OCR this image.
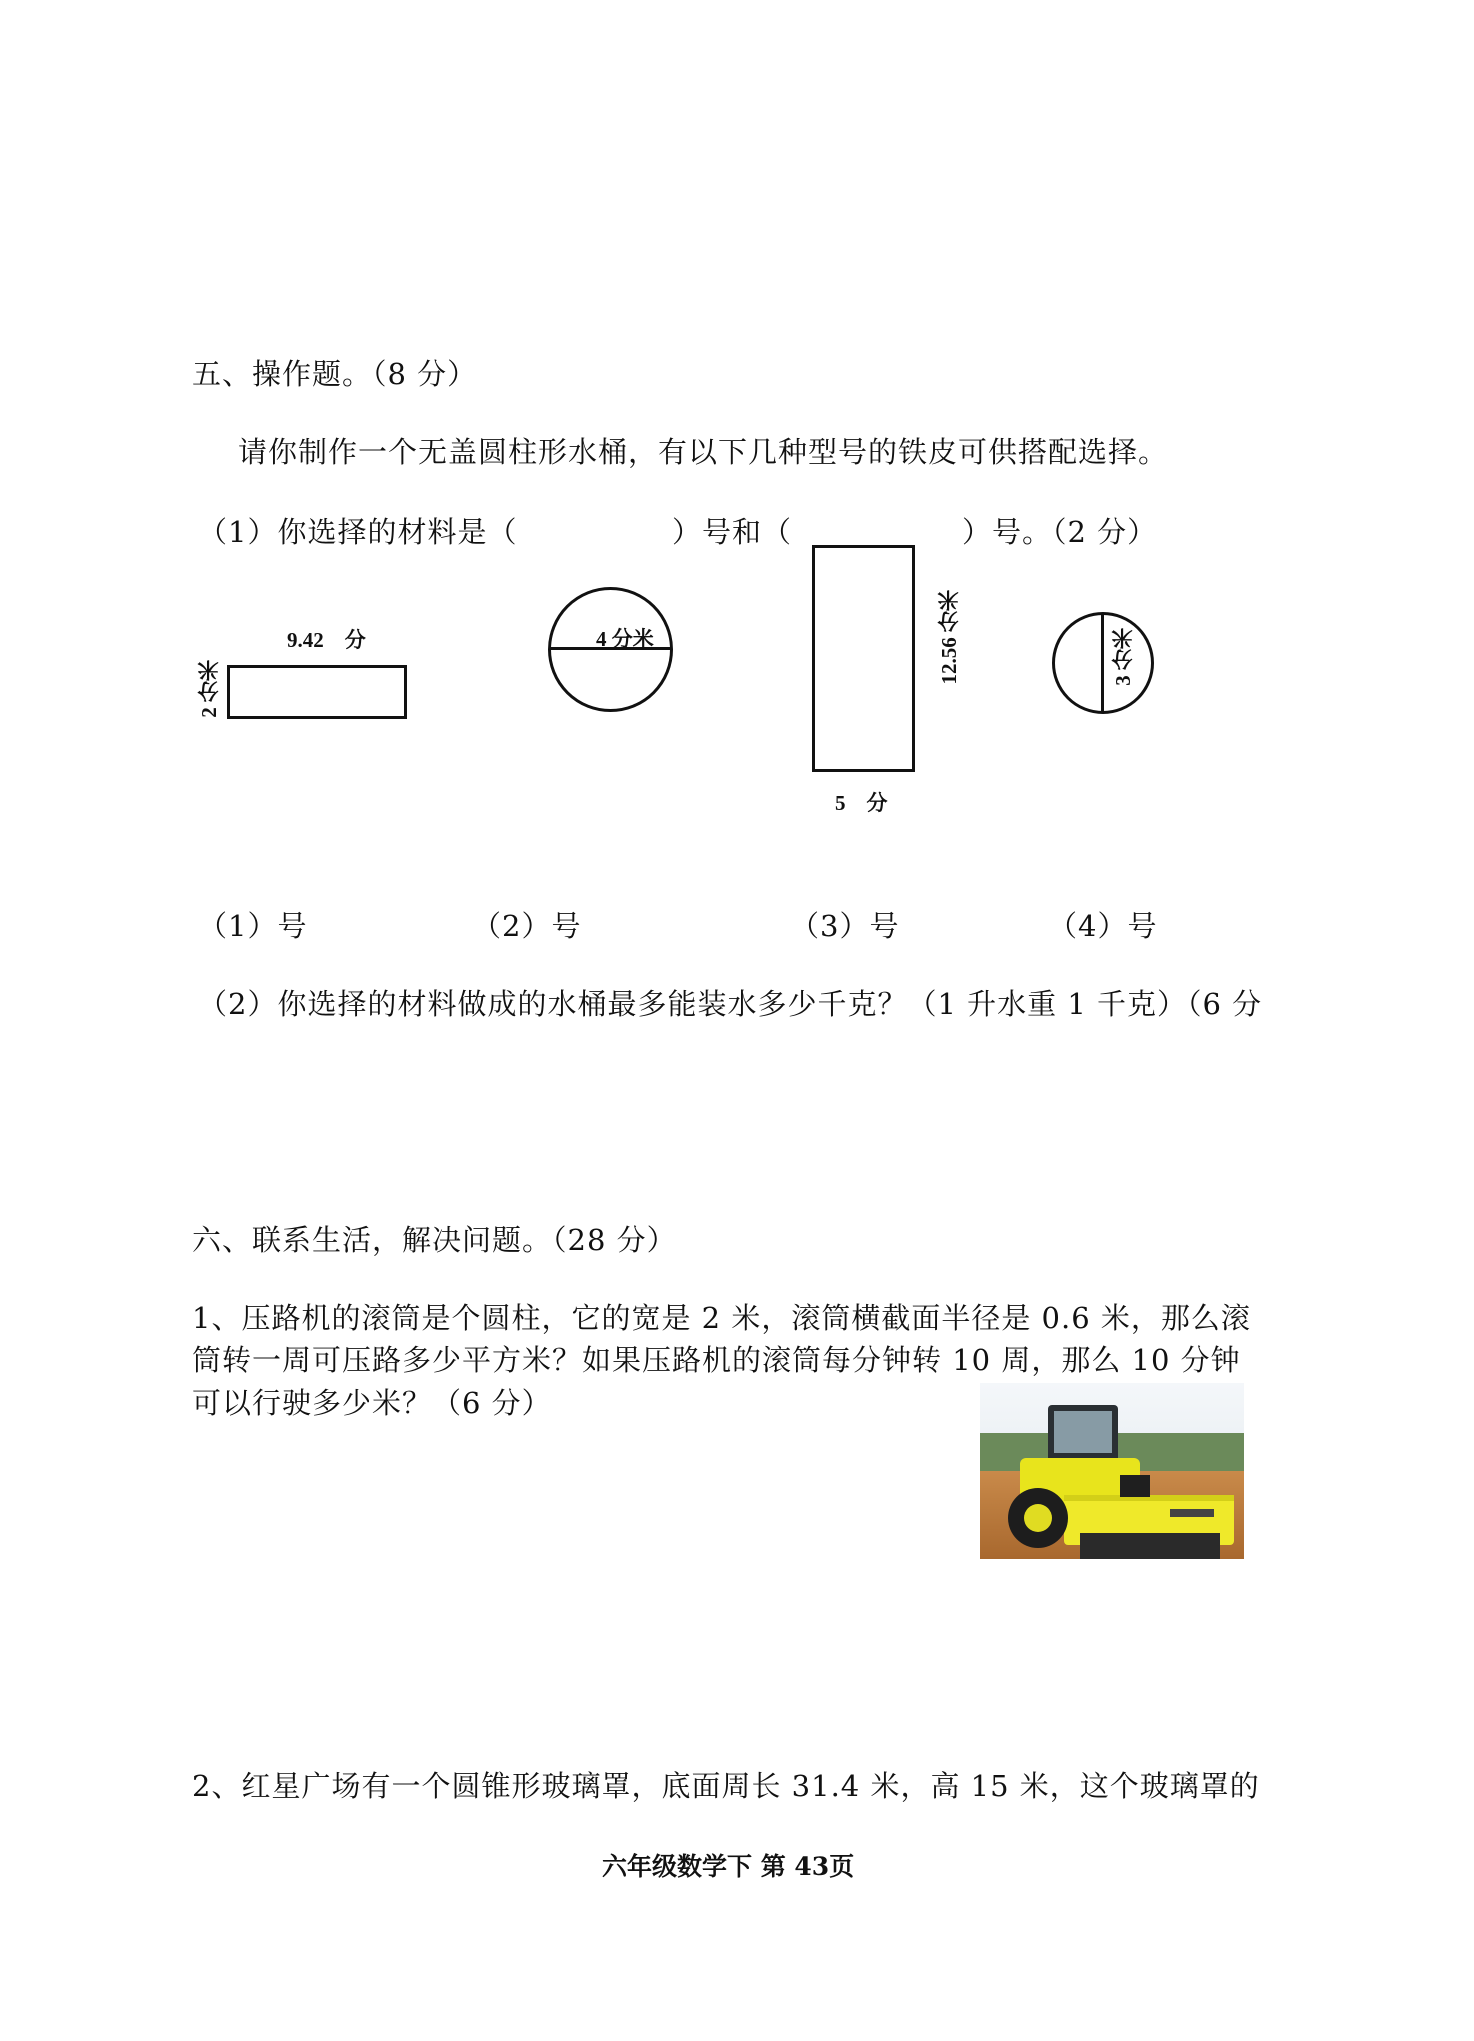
五、操作题。（8 分）
请你制作一个无盖圆柱形水桶，有以下几种型号的铁皮可供搭配选择。
（1）你选择的材料是（	）号和（	）号。（2 分）
9.42　分
2 分米
4 分米	12.56 分米
5　分
3 分米
（1）号	（2）号	（3）号	（4）号
（2）你选择的材料做成的水桶最多能装水多少千克？（1 升水重 1 千克）（6 分
六、联系生活，解决问题。（28 分）
1、压路机的滚筒是个圆柱，它的宽是 2 米，滚筒横截面半径是 0.6 米，那么滚
筒转一周可压路多少平方米？如果压路机的滚筒每分钟转 10 周，那么 10 分钟
可以行驶多少米？（6 分）
2、红星广场有一个圆锥形玻璃罩，底面周长 31.4 米，高 15 米，这个玻璃罩的
六年级数学下 第 43页
